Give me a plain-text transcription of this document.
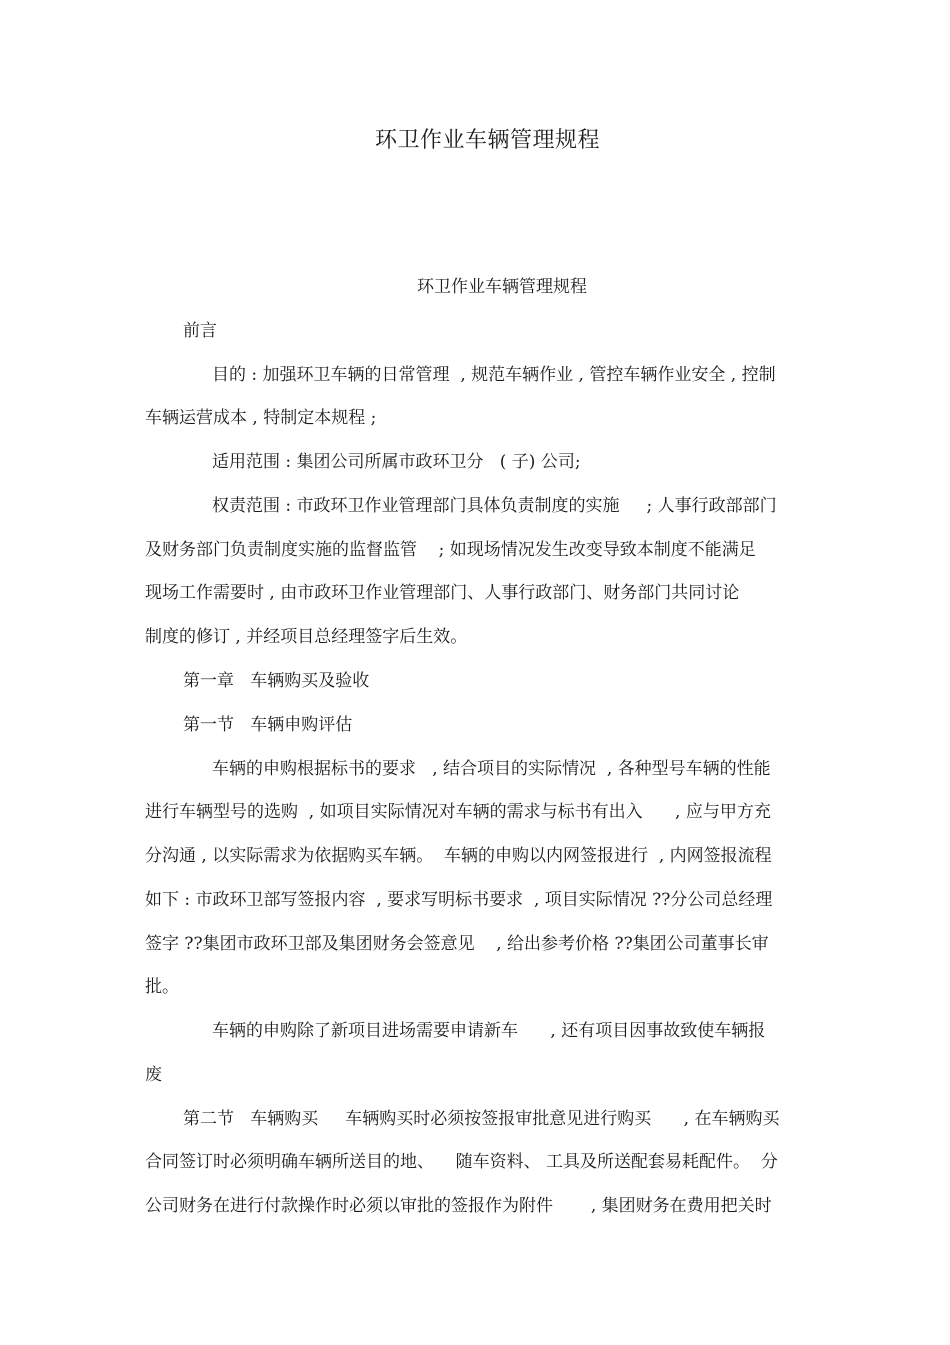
环卫作业车辆管理规程
环卫作业车辆管理规程
前言
目的 : 加强环卫车辆的日常管理  , 规范车辆作业 , 管控车辆作业安全 , 控制
车辆运营成本 , 特制定本规程 ;
适用范围 : 集团公司所属市政环卫分   ( 子) 公司;
权责范围 : 市政环卫作业管理部门具体负责制度的实施     ; 人事行政部部门
及财务部门负责制度实施的监督监管    ; 如现场情况发生改变导致本制度不能满足
现场工作需要时 , 由市政环卫作业管理部门、人事行政部门、财务部门共同讨论
制度的修订 , 并经项目总经理签字后生效。
第一章   车辆购买及验收
第一节   车辆申购评估
车辆的申购根据标书的要求   , 结合项目的实际情况  , 各种型号车辆的性能
进行车辆型号的选购  , 如项目实际情况对车辆的需求与标书有出入      , 应与甲方充
分沟通 , 以实际需求为依据购买车辆。  车辆的申购以内网签报进行  , 内网签报流程
如下 : 市政环卫部写签报内容  , 要求写明标书要求  , 项目实际情况 ??分公司总经理
签字 ??集团市政环卫部及集团财务会签意见    , 给出参考价格 ??集团公司董事长审
批。
车辆的申购除了新项目进场需要申请新车      , 还有项目因事故致使车辆报
废
第二节   车辆购买     车辆购买时必须按签报审批意见进行购买      , 在车辆购买
合同签订时必须明确车辆所送目的地、    随车资料、 工具及所送配套易耗配件。  分
公司财务在进行付款操作时必须以审批的签报作为附件       , 集团财务在费用把关时
